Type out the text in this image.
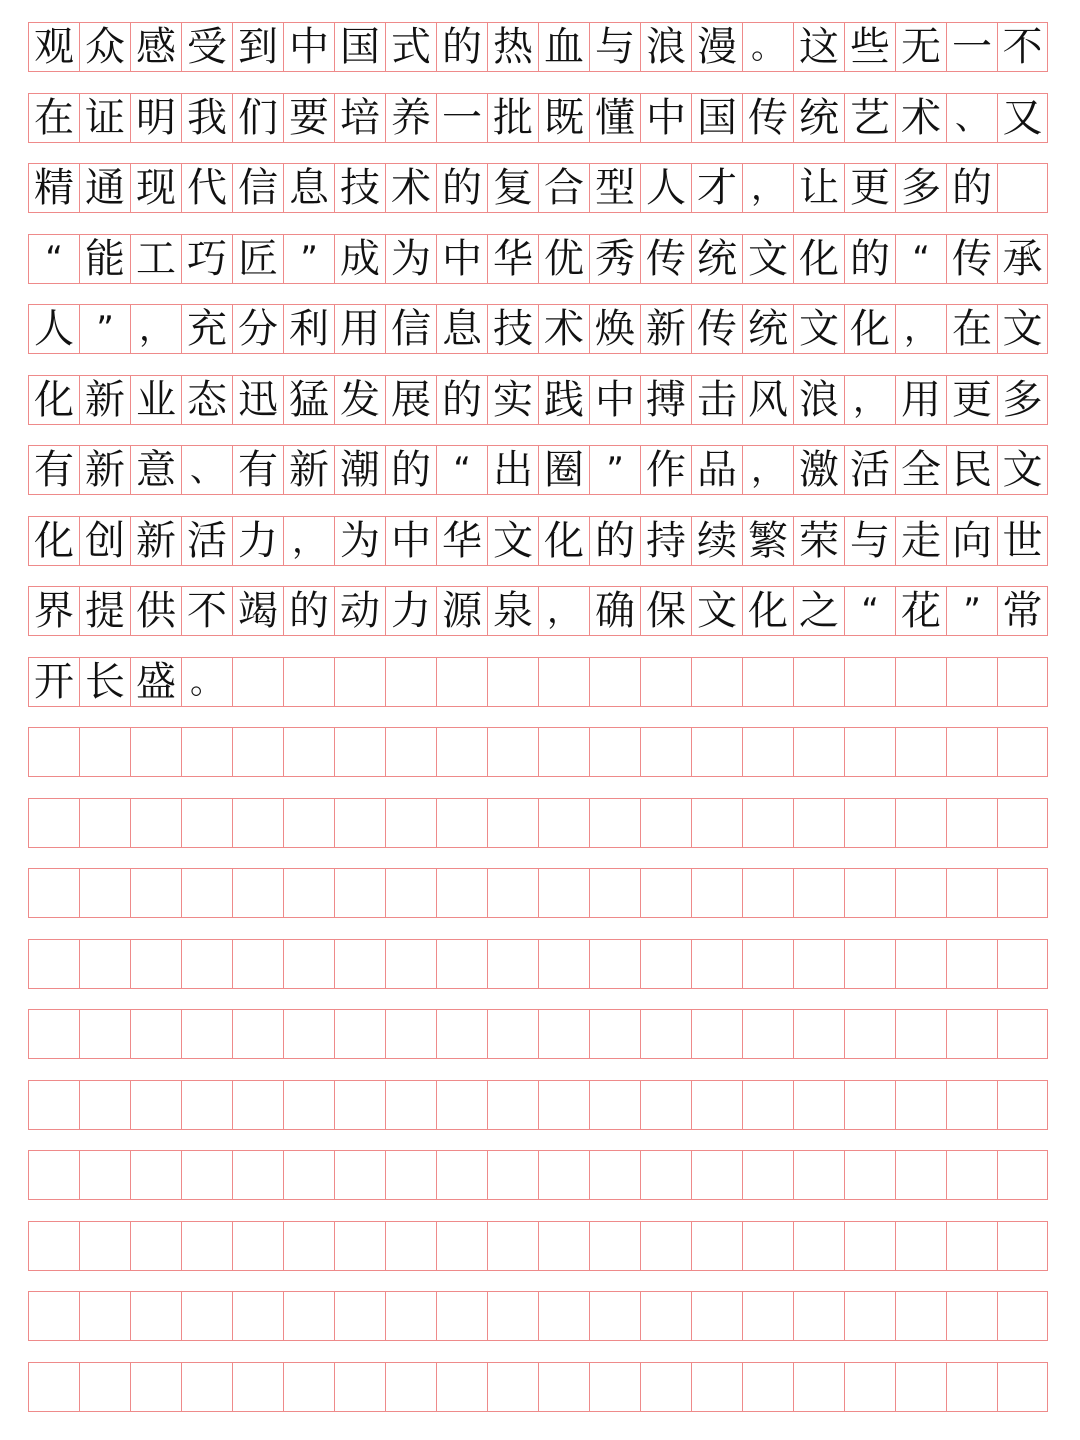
观 众 感 受 到 中 国 式 的 热 血 与 浪 漫 。 这 些 无 一 不
在 证 明 我 们 要 培 养 一 批 既 懂 中 国 传 统 艺 术 、 又
精 通 现 代 信 息 技 术 的 复 合 型 人 才 ， 让 更 多 的
“ 能 工 巧 匠 ” 成 为 中 华 优 秀 传 统 文 化 的 “ 传 承
人 ” ， 充 分 利 用 信 息 技 术 焕 新 传 统 文 化 ， 在 文
化 新 业 态 迅 猛 发 展 的 实 践 中 搏 击 风 浪 ， 用 更 多
有 新 意 、 有 新 潮 的 “ 出 圈 ” 作 品 ， 激 活 全 民 文
化 创 新 活 力 ， 为 中 华 文 化 的 持 续 繁 荣 与 走 向 世
界 提 供 不 竭 的 动 力 源 泉 ， 确 保 文 化 之 “ 花 ” 常
开 长 盛 。
